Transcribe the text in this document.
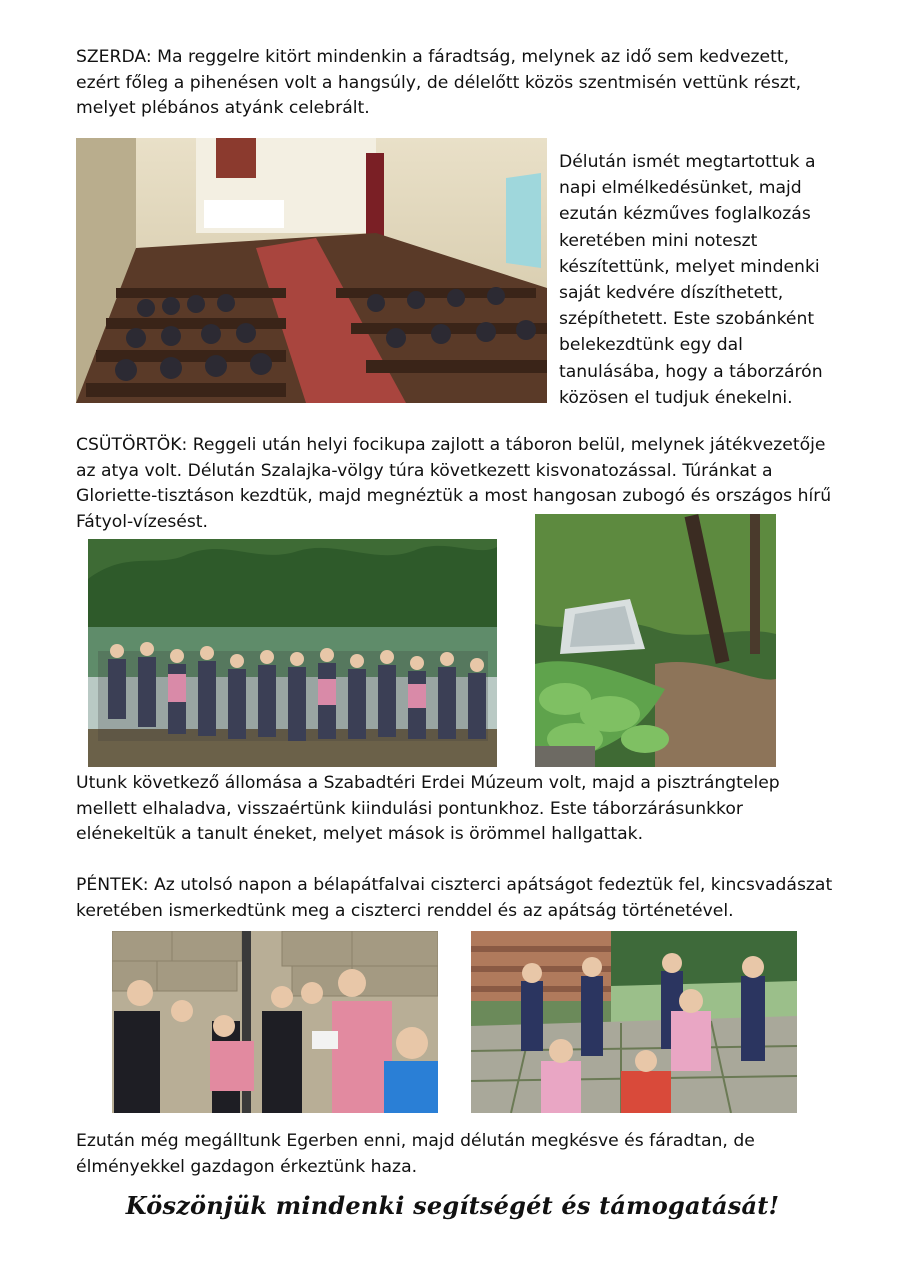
SZERDA: Ma reggelre kitört mindenkin a fáradtság, melynek az idő sem kedvezett, ezért főleg a pihenésen volt a hangsúly, de délelőtt közös szentmisén vettünk részt, melyet plébános atyánk celebrált.

Délután ismét megtartottuk a napi elmélkedésünket, majd ezután kézműves foglalkozás keretében mini noteszt készítettünk, melyet mindenki saját kedvére díszíthetett, szépíthetett. Este szobánként belekezdtünk egy dal tanulásába, hogy a táborzárón közösen el tudjuk énekelni.

CSÜTÖRTÖK: Reggeli után helyi focikupa zajlott a táboron belül, melynek játékvezetője az atya volt. Délután Szalajka-völgy túra következett kisvonatozással. Túránkat a Gloriette-tisztáson kezdtük, majd megnéztük a most hangosan zubogó és országos hírű Fátyol-vízesést.

Utunk következő állomása a Szabadtéri Erdei Múzeum volt, majd a pisztrángtelep mellett elhaladva, visszaértünk kiindulási pontunkhoz. Este táborzárásunkkor elénekeltük a tanult éneket, melyet mások is örömmel hallgattak.

PÉNTEK: Az utolsó napon a bélapátfalvai ciszterci apátságot fedeztük fel, kincsvadászat keretében ismerkedtünk meg a ciszterci renddel és az apátság történetével.

Ezután még megálltunk Egerben enni, majd délután megkésve és fáradtan, de élményekkel gazdagon érkeztünk haza.

Köszönjük mindenki segítségét és támogatását!
